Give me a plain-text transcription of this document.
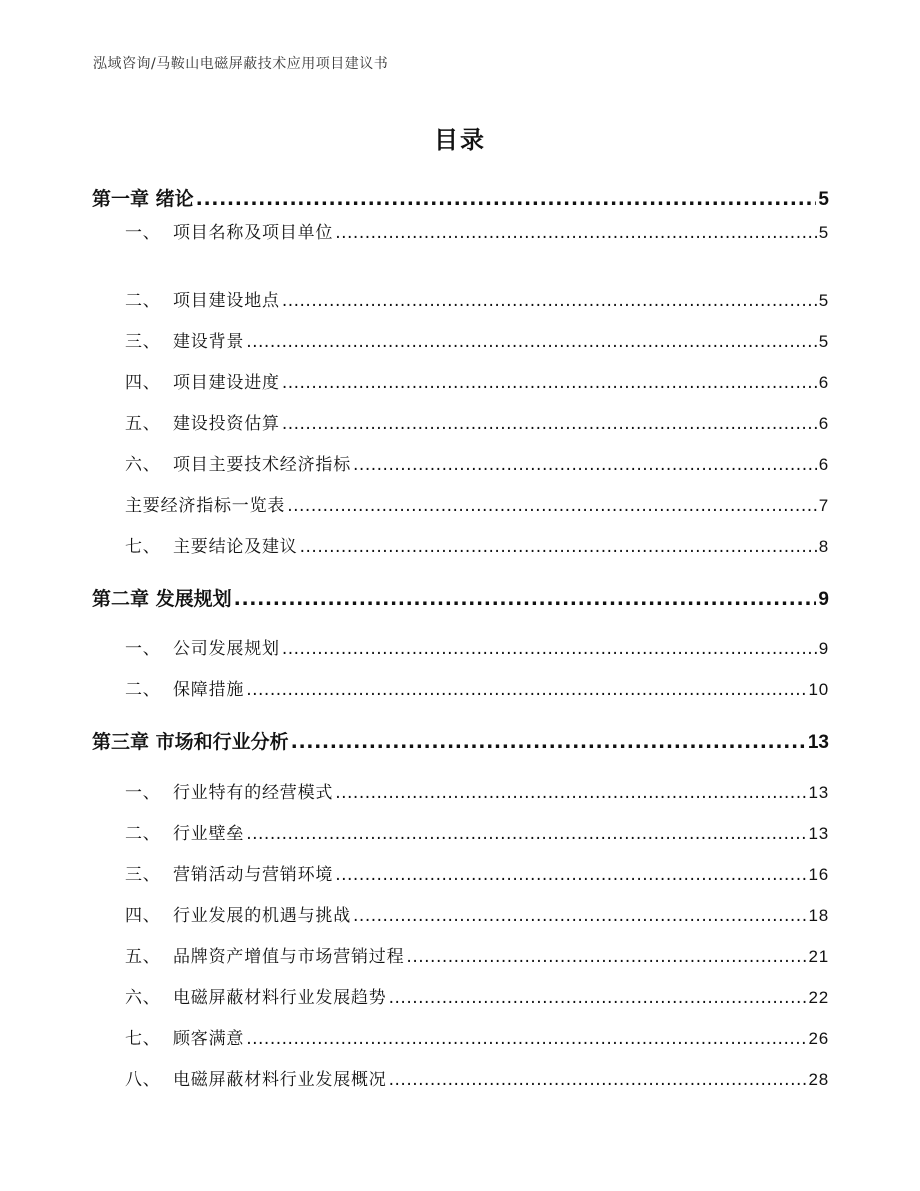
泓域咨询/马鞍山电磁屏蔽技术应用项目建议书
目录
第一章 绪论 .....	5
一、  项目名称及项目单位 .....	5
二、  项目建设地点 .....	5
三、  建设背景 .....	5
四、  项目建设进度 .....	6
五、  建设投资估算 .....	6
六、  项目主要技术经济指标 .....	6
主要经济指标一览表 .....	7
七、  主要结论及建议 .....	8
第二章 发展规划 .....	9
一、  公司发展规划 .....	9
二、  保障措施 .....	10
第三章 市场和行业分析 .....	13
一、  行业特有的经营模式 .....	13
二、  行业壁垒 .....	13
三、  营销活动与营销环境 .....	16
四、  行业发展的机遇与挑战 .....	18
五、  品牌资产增值与市场营销过程 .....	21
六、  电磁屏蔽材料行业发展趋势 .....	22
七、  顾客满意 .....	26
八、  电磁屏蔽材料行业发展概况 .....	28
